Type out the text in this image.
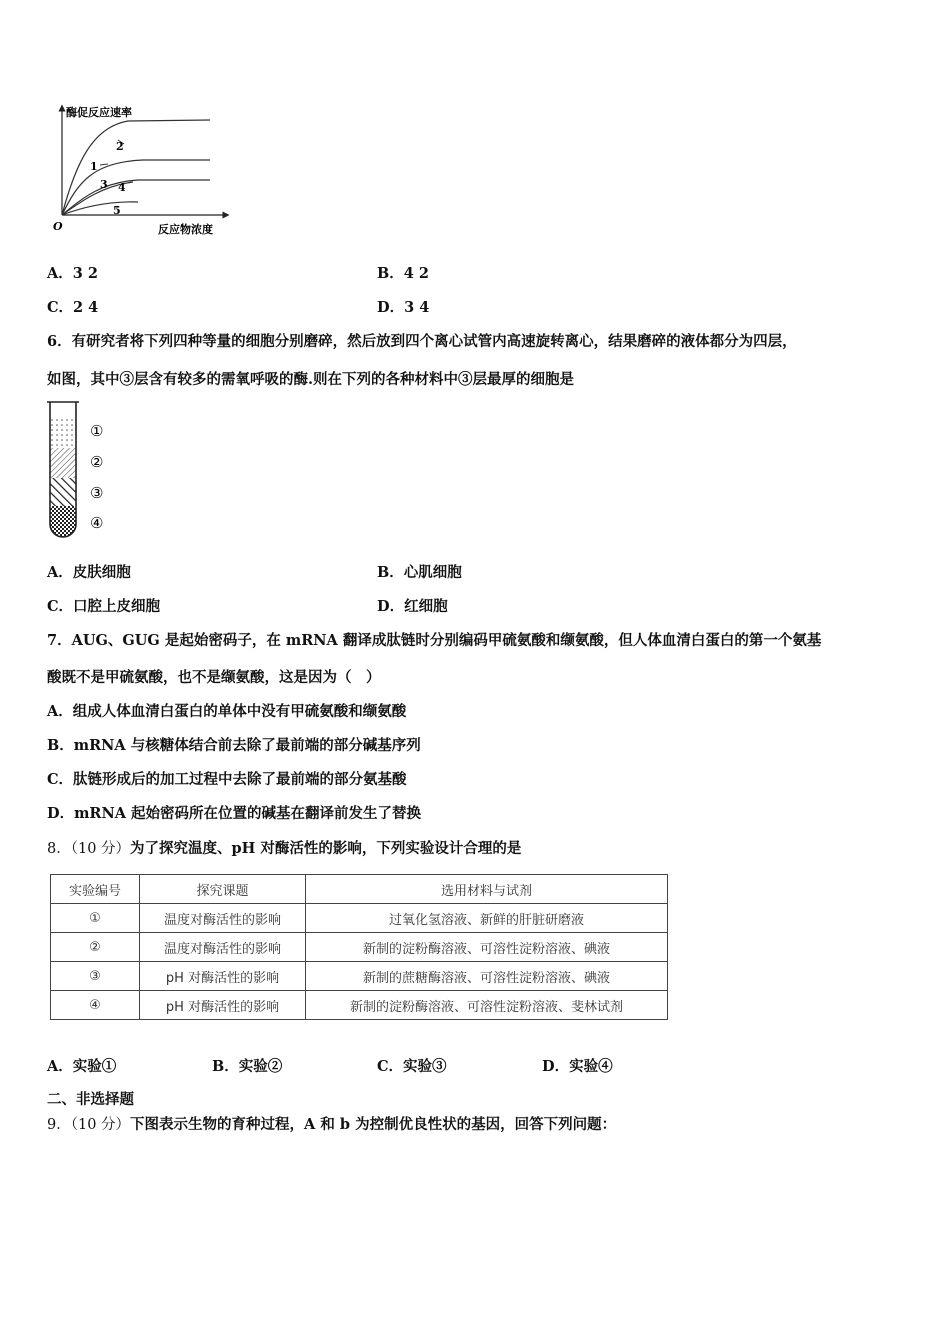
酶促反应速率
反应物浓度
O
2
1
3 4
5
A．3 2	B．4 2
C．2 4	D．3 4
6．有研究者将下列四种等量的细胞分别磨碎，然后放到四个离心试管内高速旋转离心，结果磨碎的液体都分为四层，
如图，其中③层含有较多的需氧呼吸的酶.则在下列的各种材料中③层最厚的细胞是
①
②
③
④
A．皮肤细胞	B．心肌细胞
C．口腔上皮细胞	D．红细胞
7．AUG、GUG 是起始密码子，在 mRNA 翻译成肽链时分别编码甲硫氨酸和缬氨酸，但人体血清白蛋白的第一个氨基
酸既不是甲硫氨酸，也不是缬氨酸，这是因为（　）
A．组成人体血清白蛋白的单体中没有甲硫氨酸和缬氨酸
B．mRNA 与核糖体结合前去除了最前端的部分碱基序列
C．肽链形成后的加工过程中去除了最前端的部分氨基酸
D．mRNA 起始密码所在位置的碱基在翻译前发生了替换
8．（10 分）为了探究温度、pH 对酶活性的影响，下列实验设计合理的是
实验编号	探究课题	选用材料与试剂
①	温度对酶活性的影响	过氧化氢溶液、新鲜的肝脏研磨液
②	温度对酶活性的影响	新制的淀粉酶溶液、可溶性淀粉溶液、碘液
③	pH 对酶活性的影响	新制的蔗糖酶溶液、可溶性淀粉溶液、碘液
④	pH 对酶活性的影响	新制的淀粉酶溶液、可溶性淀粉溶液、斐林试剂
A．实验①	B．实验②	C．实验③	D．实验④
二、非选择题
9．（10 分）下图表示生物的育种过程，A 和 b 为控制优良性状的基因，回答下列问题：
